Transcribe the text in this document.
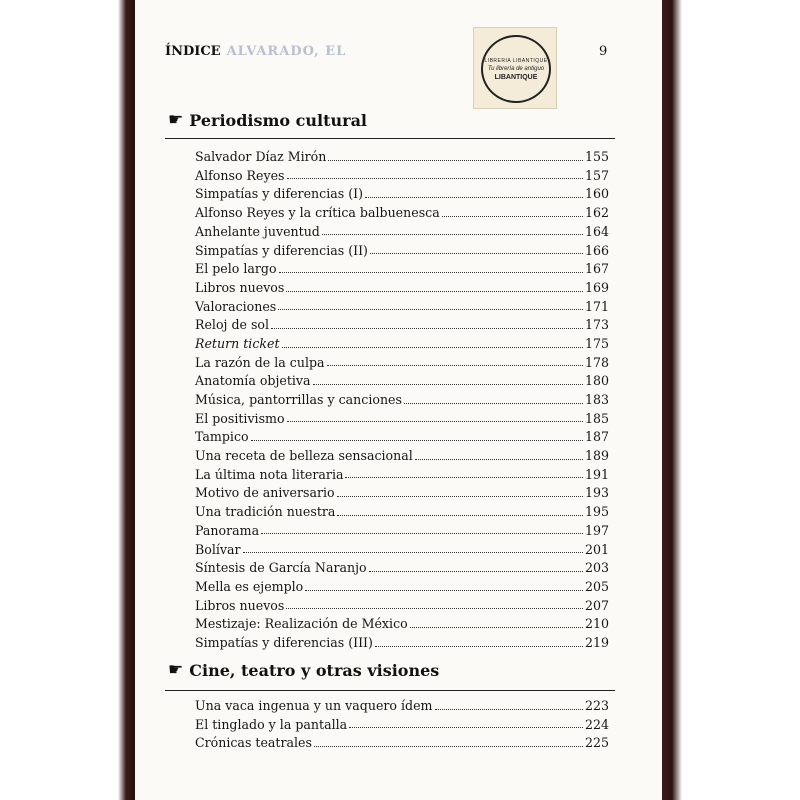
ÍNDICE ALVARADO, EL	9
LIBRERIA LIBANTIQUE
Tu librería de antiguo
LIBANTIQUE
☛ Periodismo cultural
Salvador Díaz Mirón	155
Alfonso Reyes	157
Simpatías y diferencias (I)	160
Alfonso Reyes y la crítica balbuenesca	162
Anhelante juventud	164
Simpatías y diferencias (II)	166
El pelo largo	167
Libros nuevos	169
Valoraciones	171
Reloj de sol	173
Return ticket	175
La razón de la culpa	178
Anatomía objetiva	180
Música, pantorrillas y canciones	183
El positivismo	185
Tampico	187
Una receta de belleza sensacional	189
La última nota literaria	191
Motivo de aniversario	193
Una tradición nuestra	195
Panorama	197
Bolívar	201
Síntesis de García Naranjo	203
Mella es ejemplo	205
Libros nuevos	207
Mestizaje: Realización de México	210
Simpatías y diferencias (III)	219
☛ Cine, teatro y otras visiones
Una vaca ingenua y un vaquero ídem	223
El tinglado y la pantalla	224
Crónicas teatrales	225
